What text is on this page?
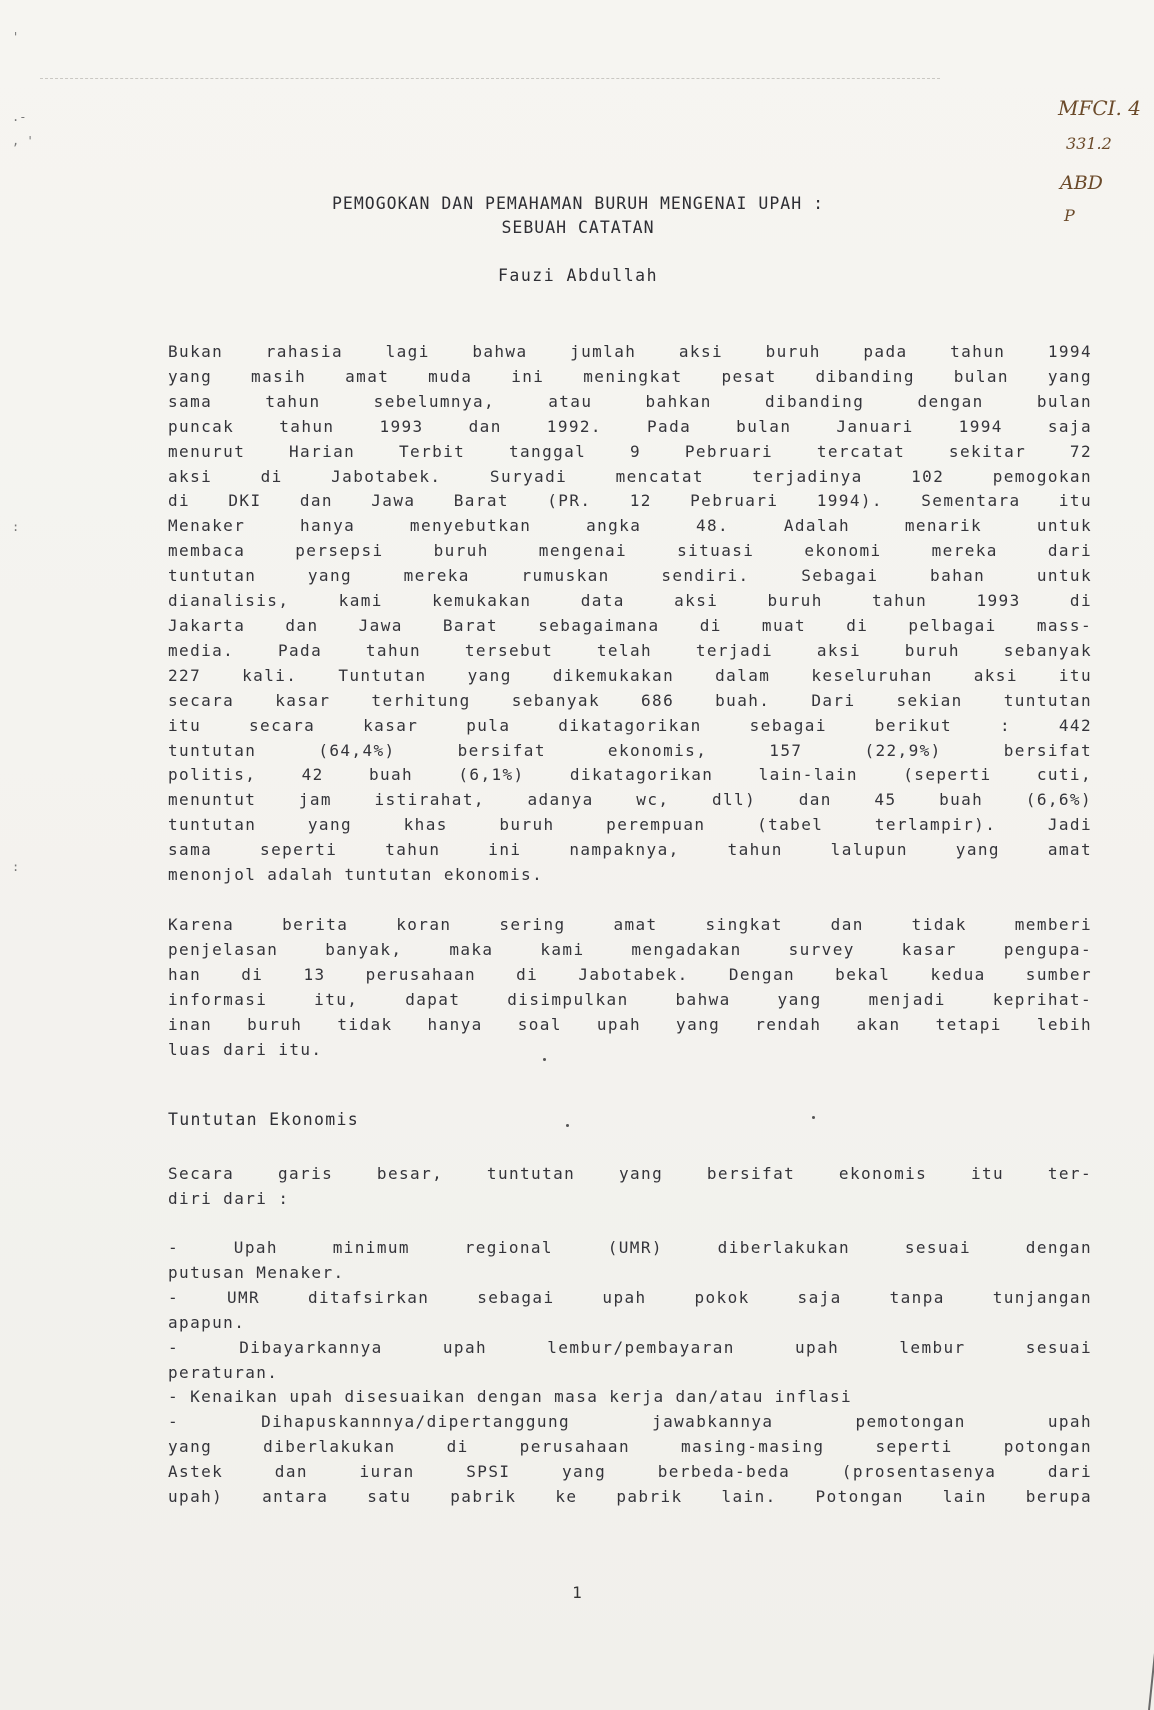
'
.-
, '
:
:
MFCI. 4
331.2
ABD
P
PEMOGOKAN DAN PEMAHAMAN BURUH MENGENAI UPAH :
SEBUAH CATATAN
Fauzi Abdullah
Bukan rahasia lagi bahwa jumlah aksi buruh pada tahun 1994
yang masih amat muda ini meningkat pesat dibanding bulan yang
sama tahun sebelumnya, atau bahkan dibanding dengan bulan
puncak tahun 1993 dan 1992. Pada bulan Januari 1994 saja
menurut Harian Terbit tanggal 9 Pebruari tercatat sekitar 72
aksi di Jabotabek. Suryadi mencatat terjadinya 102 pemogokan
di DKI dan Jawa Barat (PR. 12 Pebruari 1994). Sementara itu
Menaker hanya menyebutkan angka 48. Adalah menarik untuk
membaca persepsi buruh mengenai situasi ekonomi mereka dari
tuntutan yang mereka rumuskan sendiri. Sebagai bahan untuk
dianalisis, kami kemukakan data aksi buruh tahun 1993 di
Jakarta dan Jawa Barat sebagaimana di muat di pelbagai mass-
media. Pada tahun tersebut telah terjadi aksi buruh sebanyak
227 kali. Tuntutan yang dikemukakan dalam keseluruhan aksi itu
secara kasar terhitung sebanyak 686 buah. Dari sekian tuntutan
itu secara kasar pula dikatagorikan sebagai berikut : 442
tuntutan (64,4%) bersifat ekonomis, 157 (22,9%) bersifat
politis, 42 buah (6,1%) dikatagorikan lain-lain (seperti cuti,
menuntut jam istirahat, adanya wc, dll) dan 45 buah (6,6%)
tuntutan yang khas buruh perempuan (tabel terlampir). Jadi
sama seperti tahun ini nampaknya, tahun lalupun yang amat
menonjol adalah tuntutan ekonomis.
Karena berita koran sering amat singkat dan tidak memberi
penjelasan banyak, maka kami mengadakan survey kasar pengupa-
han di 13 perusahaan di Jabotabek. Dengan bekal kedua sumber
informasi itu, dapat disimpulkan bahwa yang menjadi keprihat-
inan buruh tidak hanya soal upah yang rendah akan tetapi lebih
luas dari itu.
Tuntutan Ekonomis
Secara garis besar, tuntutan yang bersifat ekonomis itu ter-
diri dari :
- Upah minimum regional (UMR) diberlakukan sesuai dengan
putusan Menaker.
- UMR ditafsirkan sebagai upah pokok saja tanpa tunjangan
apapun.
- Dibayarkannya upah lembur/pembayaran upah lembur sesuai
peraturan.
- Kenaikan upah disesuaikan dengan masa kerja dan/atau inflasi
- Dihapuskannnya/dipertanggung jawabkannya pemotongan upah
yang diberlakukan di perusahaan masing-masing seperti potongan
Astek dan iuran SPSI yang berbeda-beda (prosentasenya dari
upah) antara satu pabrik ke pabrik lain. Potongan lain berupa
1
